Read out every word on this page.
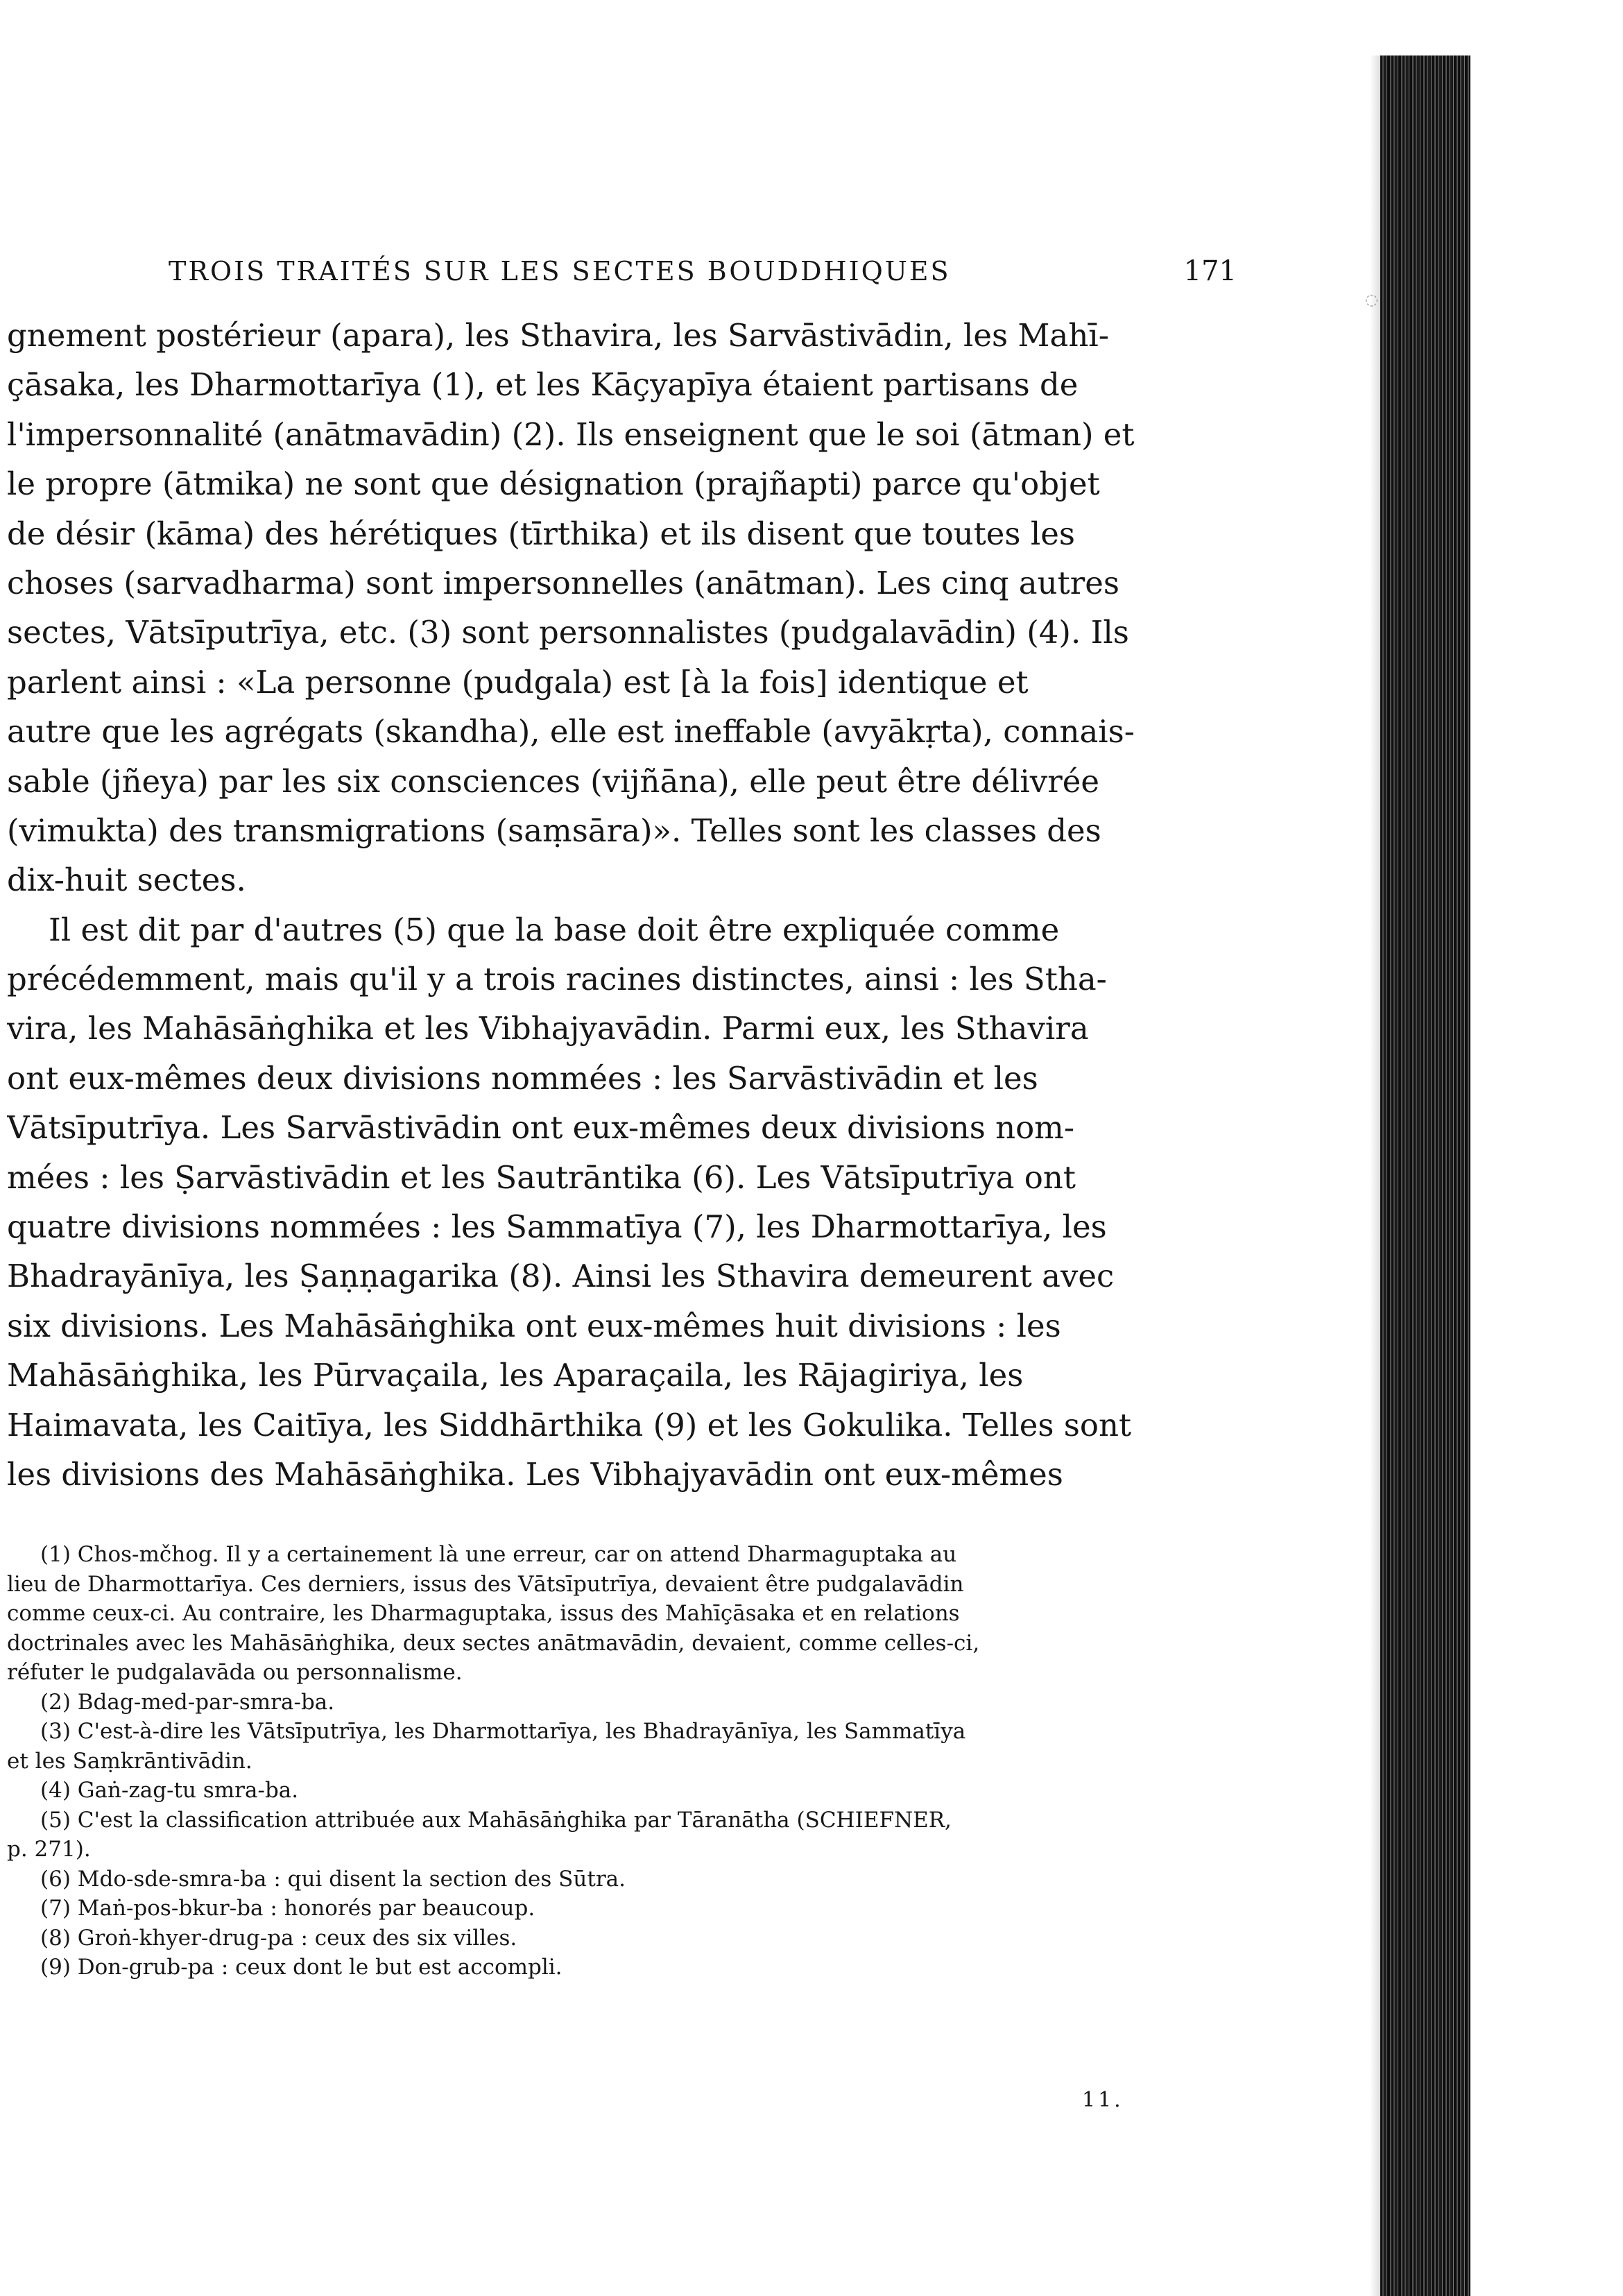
◌
TROIS TRAITÉS SUR LES SECTES BOUDDHIQUES	171
gnement postérieur (apara), les Sthavira, les Sarvāstivādin, les Mahī-
çāsaka, les Dharmottarīya (1), et les Kāçyapīya étaient partisans de
l'impersonnalité (anātmavādin) (2). Ils enseignent que le soi (ātman) et
le propre (ātmika) ne sont que désignation (prajñapti) parce qu'objet
de désir (kāma) des hérétiques (tīrthika) et ils disent que toutes les
choses (sarvadharma) sont impersonnelles (anātman). Les cinq autres
sectes, Vātsīputrīya, etc. (3) sont personnalistes (pudgalavādin) (4). Ils
parlent ainsi : «La personne (pudgala) est [à la fois] identique et
autre que les agrégats (skandha), elle est ineffable (avyākṛta), connais-
sable (jñeya) par les six consciences (vijñāna), elle peut être délivrée
(vimukta) des transmigrations (saṃsāra)». Telles sont les classes des
dix-huit sectes.
Il est dit par d'autres (5) que la base doit être expliquée comme
précédemment, mais qu'il y a trois racines distinctes, ainsi : les Stha-
vira, les Mahāsāṅghika et les Vibhajyavādin. Parmi eux, les Sthavira
ont eux-mêmes deux divisions nommées : les Sarvāstivādin et les
Vātsīputrīya. Les Sarvāstivādin ont eux-mêmes deux divisions nom-
mées : les Ṣarvāstivādin et les Sautrāntika (6). Les Vātsīputrīya ont
quatre divisions nommées : les Sammatīya (7), les Dharmottarīya, les
Bhadrayānīya, les Ṣaṇṇagarika (8). Ainsi les Sthavira demeurent avec
six divisions. Les Mahāsāṅghika ont eux-mêmes huit divisions : les
Mahāsāṅghika, les Pūrvaçaila, les Aparaçaila, les Rājagiriya, les
Haimavata, les Caitīya, les Siddhārthika (9) et les Gokulika. Telles sont
les divisions des Mahāsāṅghika. Les Vibhajyavādin ont eux-mêmes
(1) Chos-mčhog. Il y a certainement là une erreur, car on attend Dharmaguptaka au
lieu de Dharmottarīya. Ces derniers, issus des Vātsīputrīya, devaient être pudgalavādin
comme ceux-ci. Au contraire, les Dharmaguptaka, issus des Mahīçāsaka et en relations
doctrinales avec les Mahāsāṅghika, deux sectes anātmavādin, devaient, comme celles-ci,
réfuter le pudgalavāda ou personnalisme.
(2) Bdag-med-par-smra-ba.
(3) C'est-à-dire les Vātsīputrīya, les Dharmottarīya, les Bhadrayānīya, les Sammatīya
et les Saṃkrāntivādin.
(4) Gaṅ-zag-tu smra-ba.
(5) C'est la classification attribuée aux Mahāsāṅghika par Tāranātha (SCHIEFNER,
p. 271).
(6) Mdo-sde-smra-ba : qui disent la section des Sūtra.
(7) Maṅ-pos-bkur-ba : honorés par beaucoup.
(8) Groṅ-khyer-drug-pa : ceux des six villes.
(9) Don-grub-pa : ceux dont le but est accompli.
11.
